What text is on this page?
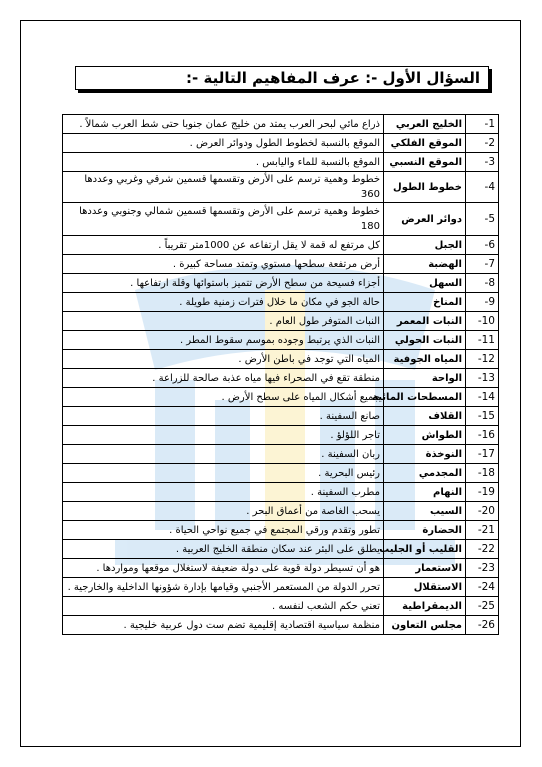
السؤال الأول -: عرف المفاهيم التالية -:
1-	الخليج العربي	ذراع مائي لبحر العرب يمتد من خليج عمان جنوبا حتى شط العرب شمالاً .
2-	الموقع الفلكي	الموقع بالنسبة لخطوط الطول ودوائر العرض .
3-	الموقع النسبي	الموقع بالنسبة للماء واليابس .
4-	خطوط الطول	خطوط وهمية ترسم على الأرض وتقسمها قسمين شرقي وغربي وعددها 360
5-	دوائر العرض	خطوط وهمية ترسم على الأرض وتقسمها قسمين شمالي وجنوبي وعددها 180
6-	الجبل	كل مرتفع له قمة لا يقل ارتفاعه عن 1000متر تقريباً .
7-	الهضبة	أرض مرتفعة سطحها مستوي وتمتد مساحة كبيرة .
8-	السهل	أجزاء فسيحة من سطح الأرض تتميز باستوائها وقلة ارتفاعها .
9-	المناخ	حالة الجو في مكان ما خلال فترات زمنية طويلة .
10-	النبات المعمر	النبات المتوفر طول العام .
11-	النبات الحولي	النبات الذي يرتبط وجوده بموسم سقوط المطر .
12-	المياه الجوفية	المياه التي توجد في باطن الأرض .
13-	الواحة	منطقة تقع في الصحراء فيها مياه عذبة صالحة للزراعة .
14-	المسطحات المائية	جميع أشكال المياه على سطح الأرض .
15-	القلاف	صانع السفينة .
16-	الطواش	تاجر اللؤلؤ .
17-	النوخذة	ربان السفينة .
18-	المجدمي	رئيس البحرية .
19-	النهام	مطرب السفينة .
20-	السيب	يسحب الغاصة من أعماق البحر .
21-	الحضارة	تطور وتقدم ورقي المجتمع في جميع نواحي الحياة .
22-	القليب أو الجليب	يطلق على البئر عند سكان منطقة الخليج العربية .
23-	الاستعمار	هو أن تسيطر دولة قوية على دولة ضعيفة لاستغلال موقعها ومواردها .
24-	الاستقلال	تحرر الدولة من المستعمر الأجنبي وقيامها بإدارة شؤونها الداخلية والخارجية .
25-	الديمقراطية	تعني حكم الشعب لنفسه .
26-	مجلس التعاون	منظمة سياسية اقتصادية إقليمية تضم ست دول عربية خليجية .
